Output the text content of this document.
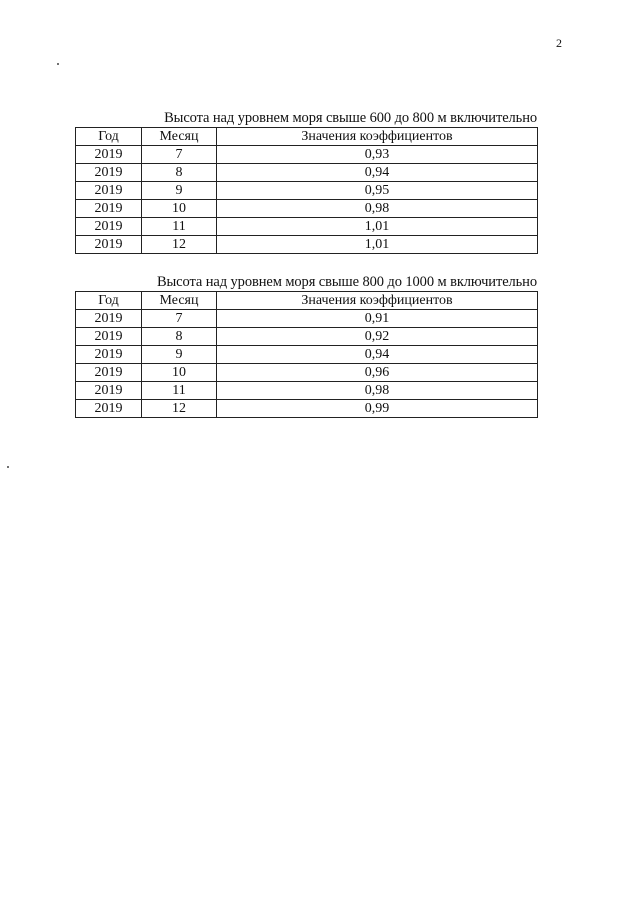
2
Высота над уровнем моря свыше 600 до 800 м включительно
Год	Месяц	Значения коэффициентов
2019	7	0,93
2019	8	0,94
2019	9	0,95
2019	10	0,98
2019	11	1,01
2019	12	1,01
Высота над уровнем моря свыше 800 до 1000 м включительно
Год	Месяц	Значения коэффициентов
2019	7	0,91
2019	8	0,92
2019	9	0,94
2019	10	0,96
2019	11	0,98
2019	12	0,99
